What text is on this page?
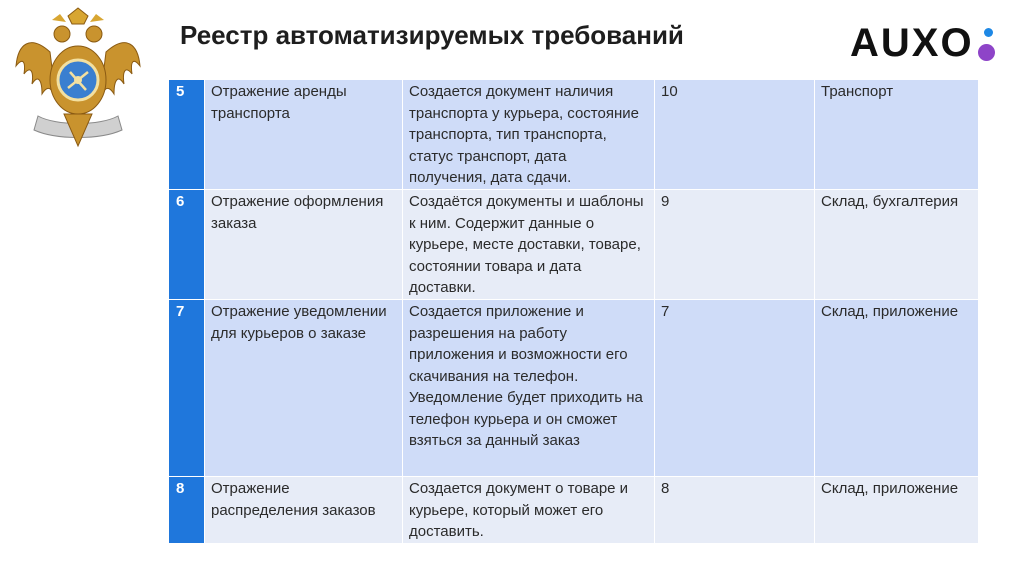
Реестр автоматизируемых требований	AUXO
5	Отражение аренды транспорта	Создается документ наличия транспорта у курьера, состояние транспорта, тип транспорта, статус транспорт, дата получения, дата сдачи.	10	Транспорт
6	Отражение оформления заказа	Создаётся документы и шаблоны к ним. Содержит данные о курьере, месте доставки, товаре, состоянии товара и дата доставки.	9	Склад, бухгалтерия
7	Отражение уведомлении для курьеров о заказе	Создается приложение и разрешения на работу приложения и возможности его скачивания на телефон. Уведомление будет приходить на телефон курьера и он сможет взяться за данный заказ	7	Склад, приложение
8	Отражение распределения заказов	Создается документ о товаре и курьере, который может его доставить.	8	Склад, приложение
